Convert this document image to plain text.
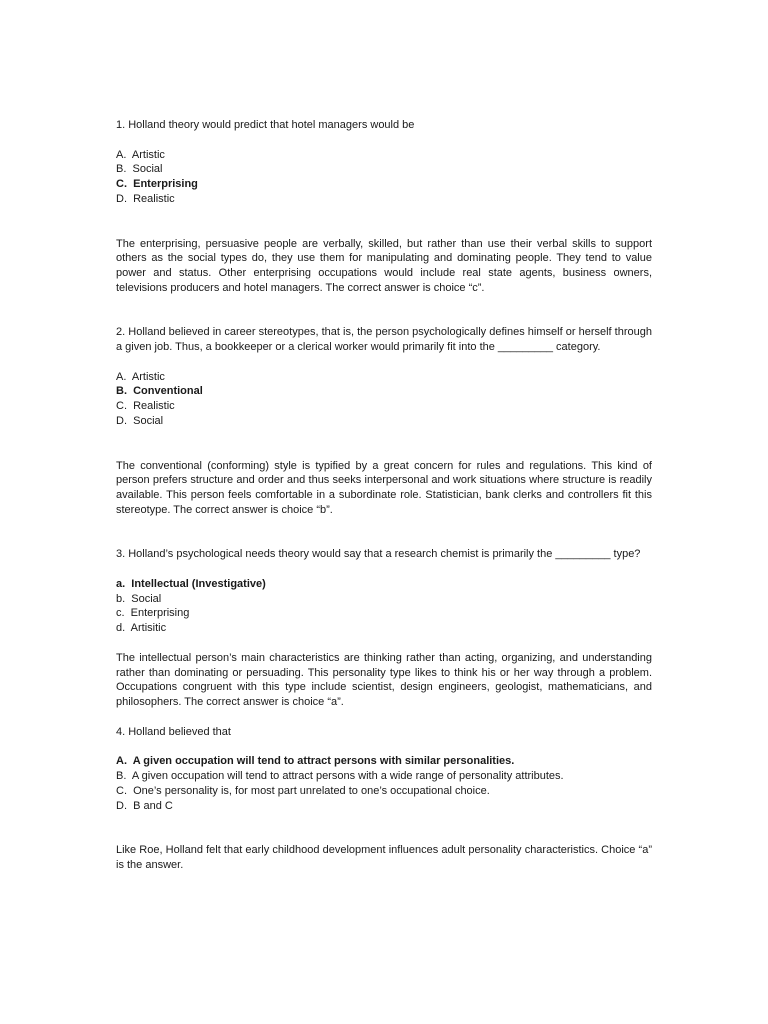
1. Holland theory would predict that hotel managers would be

A.  Artistic

B.  Social

C.  Enterprising

D.  Realistic

The enterprising, persuasive people are verbally, skilled, but rather than use their verbal skills to support others as the social types do, they use them for manipulating and dominating people. They tend to value power and status. Other enterprising occupations would include real state agents, business owners, televisions producers and hotel managers. The correct answer is choice “c”.

2. Holland believed in career stereotypes, that is, the person psychologically defines himself or herself through a given job. Thus, a bookkeeper or a clerical worker would primarily fit into the _________ category.

A.  Artistic

B.  Conventional

C.  Realistic

D.  Social

The conventional (conforming) style is typified by a great concern for rules and regulations. This kind of person prefers structure and order and thus seeks interpersonal and work situations where structure is readily available. This person feels comfortable in a subordinate role. Statistician, bank clerks and controllers fit this stereotype. The correct answer is choice “b”.

3. Holland’s psychological needs theory would say that a research chemist is primarily the _________ type?

a.  Intellectual (Investigative)

b.  Social

c.  Enterprising

d.  Artisitic

The intellectual person’s main characteristics are thinking rather than acting, organizing, and understanding rather than dominating or persuading. This personality type likes to think his or her way through a problem. Occupations congruent with this type include scientist, design engineers, geologist, mathematicians, and philosophers. The correct answer is choice “a”.

4. Holland believed that

A.  A given occupation will tend to attract persons with similar personalities.

B.  A given occupation will tend to attract persons with a wide range of personality attributes.

C.  One’s personality is, for most part unrelated to one’s occupational choice.

D.  B and C

Like Roe, Holland felt that early childhood development influences adult personality characteristics. Choice “a” is the answer.
